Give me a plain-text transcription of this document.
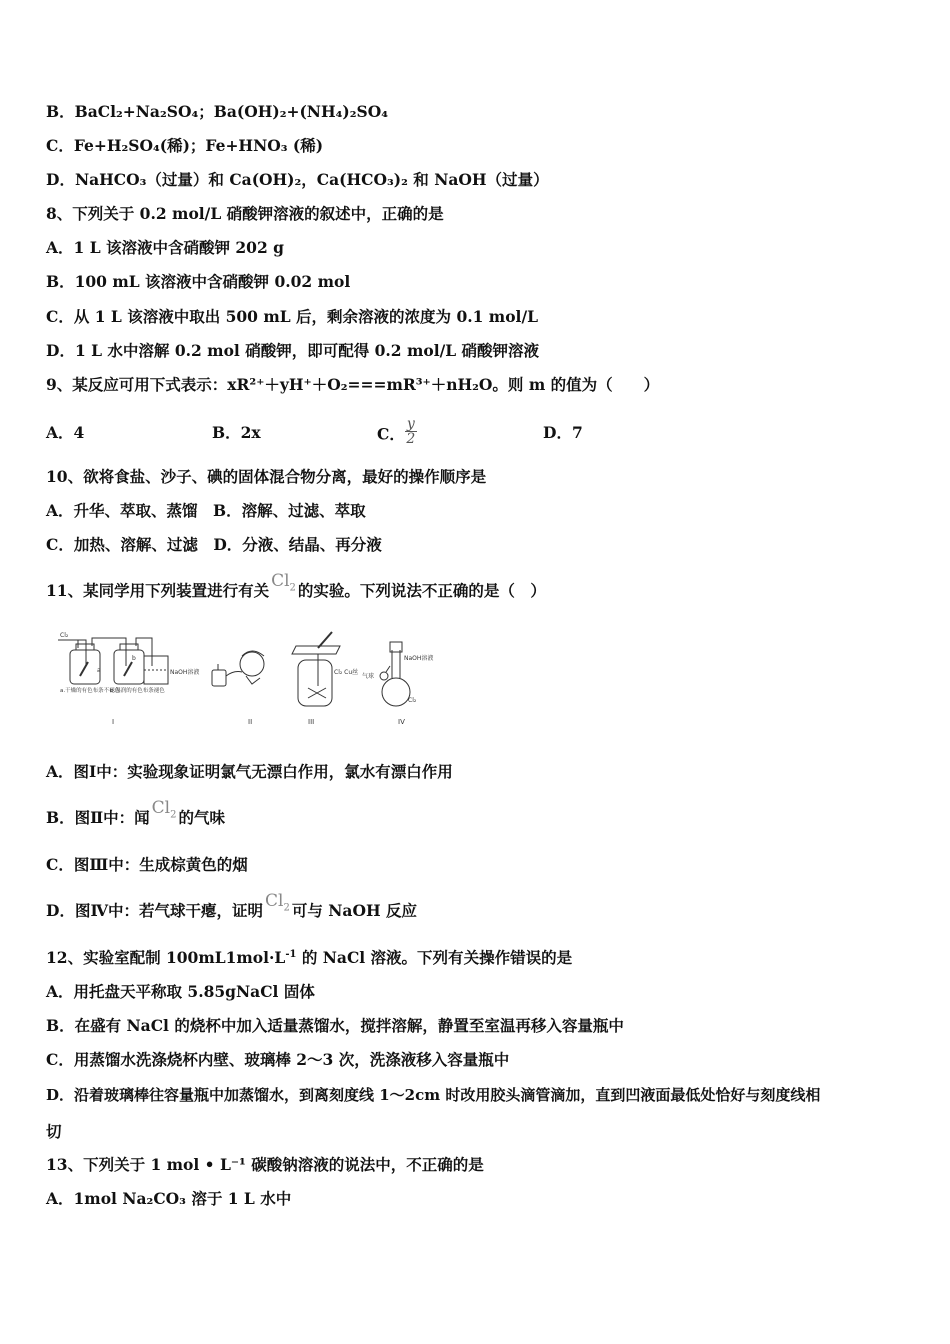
B．BaCl₂+Na₂SO₄；Ba(OH)₂+(NH₄)₂SO₄
C．Fe+H₂SO₄(稀)；Fe+HNO₃ (稀)
D．NaHCO₃（过量）和 Ca(OH)₂，Ca(HCO₃)₂ 和 NaOH（过量）
8、下列关于 0.2 mol/L 硝酸钾溶液的叙述中，正确的是
A．1 L 该溶液中含硝酸钾 202 g
B．100 mL 该溶液中含硝酸钾 0.02 mol
C．从 1 L 该溶液中取出 500 mL 后，剩余溶液的浓度为 0.1 mol/L
D．1 L 水中溶解 0.2 mol 硝酸钾，即可配得 0.2 mol/L 硝酸钾溶液
9、某反应可用下式表示：xR²⁺＋yH⁺＋O₂===mR³⁺＋nH₂O。则 m 的值为（　　）
A．4	B．2x	C． $\frac{y}{2}$	D．7
10、欲将食盐、沙子、碘的固体混合物分离，最好的操作顺序是
A．升华、萃取、蒸馏　B．溶解、过滤、萃取
C．加热、溶解、过滤　D．分液、结晶、再分液
11、某同学用下列装置进行有关 $Cl_2$ 的实验。下列说法不正确的是（　）
Cl₂
a
b
NaOH溶液
a.干燥的有色布条不褪色
b.湿润的有色布条褪色
I	II
Cl₂ Cu丝
III
气球
NaOH溶液
Cl₂
IV
A．图Ⅰ中：实验现象证明氯气无漂白作用，氯水有漂白作用
B．图Ⅱ中：闻 $Cl_2$ 的气味
C．图Ⅲ中：生成棕黄色的烟
D．图Ⅳ中：若气球干瘪，证明 $Cl_2$ 可与 NaOH 反应
12、实验室配制 $100mL1mol\cdot L^{-1}$ 的 NaCl 溶液。下列有关操作错误的是
A．用托盘天平称取 5.85gNaCl 固体
B．在盛有 NaCl 的烧杯中加入适量蒸馏水，搅拌溶解，静置至室温再移入容量瓶中
C．用蒸馏水洗涤烧杯内壁、玻璃棒 2～3 次，洗涤液移入容量瓶中
D．沿着玻璃棒往容量瓶中加蒸馏水，到离刻度线 1～2cm 时改用胶头滴管滴加，直到凹液面最低处恰好与刻度线相
切
13、下列关于 1 mol • L⁻¹ 碳酸钠溶液的说法中，不正确的是
A．1mol Na₂CO₃ 溶于 1 L 水中
